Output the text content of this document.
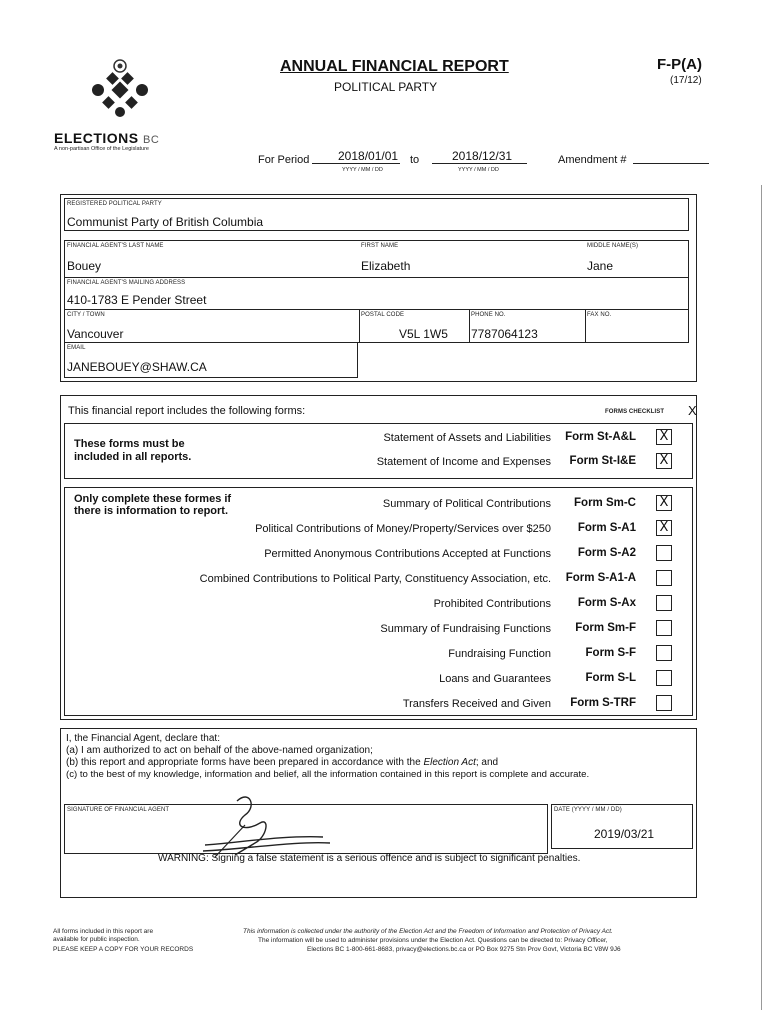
ELECTIONS BC
A non-partisan Office of the Legislature
ANNUAL FINANCIAL REPORT
POLITICAL PARTY
F-P(A)
(17/12)
For Period 2018/01/01
YYYY / MM / DD
to	2018/12/31
YYYY / MM / DD
Amendment #
REGISTERED POLITICAL PARTY
Communist Party of British Columbia
FINANCIAL AGENT'S LAST NAME
Bouey
FIRST NAME
Elizabeth
MIDDLE NAME(S)
Jane
FINANCIAL AGENT'S MAILING ADDRESS
410-1783 E Pender Street
CITY / TOWN
Vancouver
POSTAL CODE
V5L 1W5
PHONE NO.
7787064123
FAX NO.
EMAIL
JANEBOUEY@SHAW.CA
This financial report includes the following forms:	FORMS CHECKLIST X
These forms must be included in all reports.
Statement of Assets and Liabilities Form St-A&L X
Statement of Income and Expenses Form St-I&E X
Only complete these formes if there is information to report.
Summary of Political Contributions Form Sm-C X
Political Contributions of Money/Property/Services over $250 Form S-A1 X
Permitted Anonymous Contributions Accepted at Functions Form S-A2
Combined Contributions to Political Party, Constituency Association, etc. Form S-A1-A
Prohibited Contributions Form S-Ax
Summary of Fundraising Functions Form Sm-F
Fundraising Function	Form S-F
Loans and Guarantees	Form S-L
Transfers Received and Given Form S-TRF
I, the Financial Agent, declare that:
(a) I am authorized to act on behalf of the above-named organization;
(b) this report and appropriate forms have been prepared in accordance with the Election Act; and
(c) to the best of my knowledge, information and belief, all the information contained in this report is complete and accurate.
SIGNATURE OF FINANCIAL AGENT	DATE (YYYY / MM / DD)
2019/03/21
WARNING: Signing a false statement is a serious offence and is subject to significant penalties.
All forms included in this report are
available for public inspection.
PLEASE KEEP A COPY FOR YOUR RECORDS
This information is collected under the authority of the Election Act and the Freedom of Information and Protection of Privacy Act.
The information will be used to administer provisions under the Election Act. Questions can be directed to: Privacy Officer,
Elections BC 1-800-661-8683, privacy@elections.bc.ca or PO Box 9275 Stn Prov Govt, Victoria BC V8W 9J6
